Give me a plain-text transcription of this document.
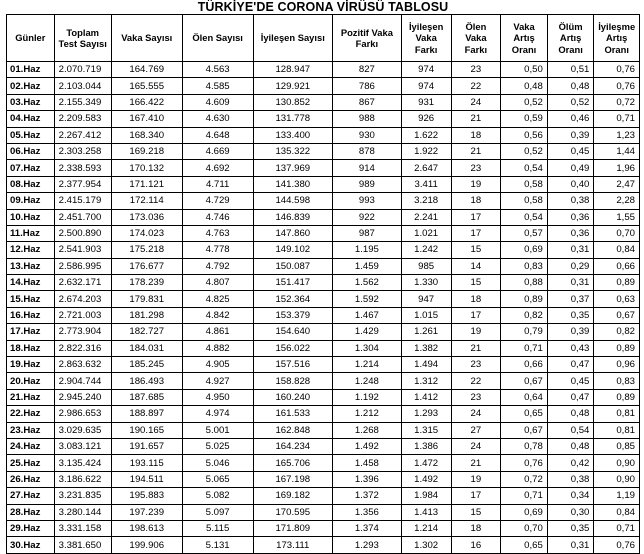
TÜRKİYE'DE CORONA VİRÜSÜ TABLOSU
Günler	Toplam Test Sayısı	Vaka Sayısı	Ölen Sayısı	İyileşen Sayısı	Pozitif Vaka Farkı	İyileşen Vaka Farkı	Ölen Vaka Farkı	Vaka Artış Oranı	Ölüm Artış Oranı	İyileşme Artış Oranı
01.Haz	2.070.719	164.769	4.563	128.947	827	974	23	0,50	0,51	0,76
02.Haz	2.103.044	165.555	4.585	129.921	786	974	22	0,48	0,48	0,76
03.Haz	2.155.349	166.422	4.609	130.852	867	931	24	0,52	0,52	0,72
04.Haz	2.209.583	167.410	4.630	131.778	988	926	21	0,59	0,46	0,71
05.Haz	2.267.412	168.340	4.648	133.400	930	1.622	18	0,56	0,39	1,23
06.Haz	2.303.258	169.218	4.669	135.322	878	1.922	21	0,52	0,45	1,44
07.Haz	2.338.593	170.132	4.692	137.969	914	2.647	23	0,54	0,49	1,96
08.Haz	2.377.954	171.121	4.711	141.380	989	3.411	19	0,58	0,40	2,47
09.Haz	2.415.179	172.114	4.729	144.598	993	3.218	18	0,58	0,38	2,28
10.Haz	2.451.700	173.036	4.746	146.839	922	2.241	17	0,54	0,36	1,55
11.Haz	2.500.890	174.023	4.763	147.860	987	1.021	17	0,57	0,36	0,70
12.Haz	2.541.903	175.218	4.778	149.102	1.195	1.242	15	0,69	0,31	0,84
13.Haz	2.586.995	176.677	4.792	150.087	1.459	985	14	0,83	0,29	0,66
14.Haz	2.632.171	178.239	4.807	151.417	1.562	1.330	15	0,88	0,31	0,89
15.Haz	2.674.203	179.831	4.825	152.364	1.592	947	18	0,89	0,37	0,63
16.Haz	2.721.003	181.298	4.842	153.379	1.467	1.015	17	0,82	0,35	0,67
17.Haz	2.773.904	182.727	4.861	154.640	1.429	1.261	19	0,79	0,39	0,82
18.Haz	2.822.316	184.031	4.882	156.022	1.304	1.382	21	0,71	0,43	0,89
19.Haz	2.863.632	185.245	4.905	157.516	1.214	1.494	23	0,66	0,47	0,96
20.Haz	2.904.744	186.493	4.927	158.828	1.248	1.312	22	0,67	0,45	0,83
21.Haz	2.945.240	187.685	4.950	160.240	1.192	1.412	23	0,64	0,47	0,89
22.Haz	2.986.653	188.897	4.974	161.533	1.212	1.293	24	0,65	0,48	0,81
23.Haz	3.029.635	190.165	5.001	162.848	1.268	1.315	27	0,67	0,54	0,81
24.Haz	3.083.121	191.657	5.025	164.234	1.492	1.386	24	0,78	0,48	0,85
25.Haz	3.135.424	193.115	5.046	165.706	1.458	1.472	21	0,76	0,42	0,90
26.Haz	3.186.622	194.511	5.065	167.198	1.396	1.492	19	0,72	0,38	0,90
27.Haz	3.231.835	195.883	5.082	169.182	1.372	1.984	17	0,71	0,34	1,19
28.Haz	3.280.144	197.239	5.097	170.595	1.356	1.413	15	0,69	0,30	0,84
29.Haz	3.331.158	198.613	5.115	171.809	1.374	1.214	18	0,70	0,35	0,71
30.Haz	3.381.650	199.906	5.131	173.111	1.293	1.302	16	0,65	0,31	0,76
